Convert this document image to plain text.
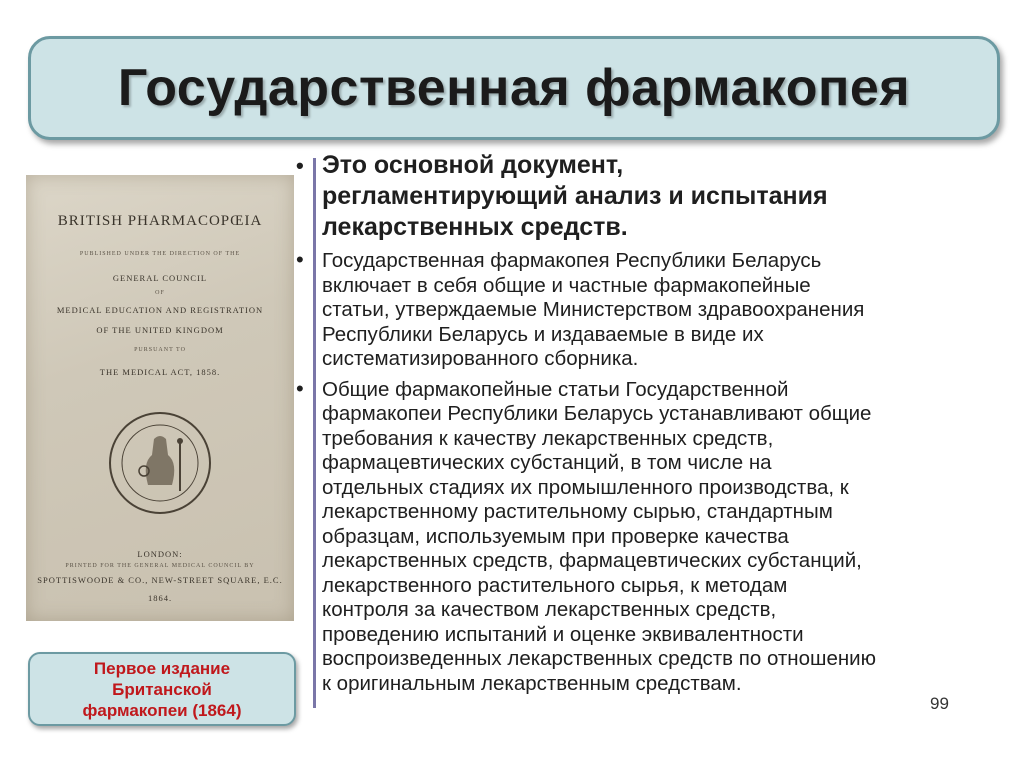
Государственная фармакопея
BRITISH PHARMACOPŒIA
PUBLISHED UNDER THE DIRECTION OF THE
GENERAL COUNCIL
OF
MEDICAL EDUCATION AND REGISTRATION
OF THE UNITED KINGDOM
PURSUANT TO
THE MEDICAL ACT, 1858.
LONDON:
PRINTED FOR THE GENERAL MEDICAL COUNCIL BY
SPOTTISWOODE & CO., NEW-STREET SQUARE, E.C.
1864.
Первое издание
Британской
фармакопеи (1864)
• Это основной документ,
регламентирующий анализ и испытания
лекарственных средств.
• Государственная фармакопея Республики Беларусь
включает в себя общие и частные фармакопейные
статьи, утверждаемые Министерством здравоохранения
Республики Беларусь и издаваемые в виде их
систематизированного сборника.
• Общие фармакопейные статьи Государственной
фармакопеи Республики Беларусь устанавливают общие
требования к качеству лекарственных средств,
фармацевтических субстанций, в том числе на
отдельных стадиях их промышленного производства, к
лекарственному растительному сырью, стандартным
образцам, используемым при проверке качества
лекарственных средств, фармацевтических субстанций,
лекарственного растительного сырья, к методам
контроля за качеством лекарственных средств,
проведению испытаний и оценке эквивалентности
воспроизведенных лекарственных средств по отношению
к оригинальным лекарственным средствам.
99
